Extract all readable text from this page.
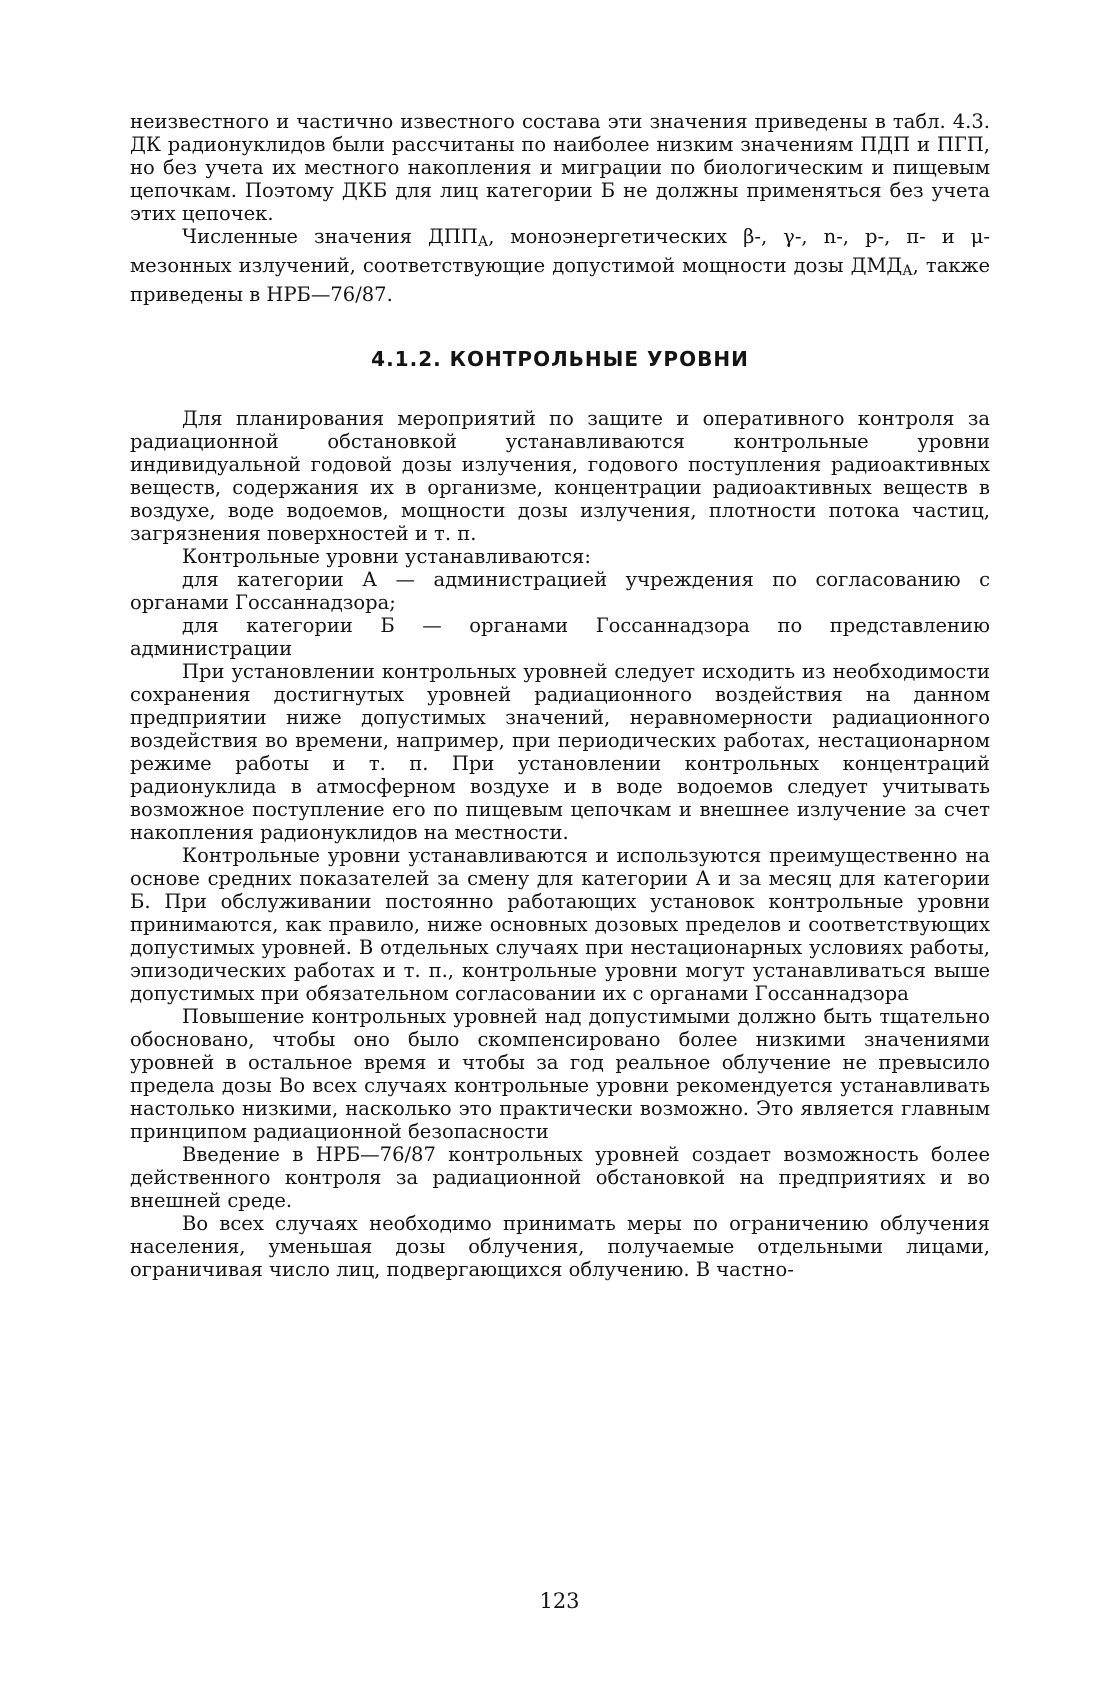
неизвестного и частично известного состава эти значения приведены в табл. 4.3. ДК радионуклидов были рассчитаны по наиболее низким значениям ПДП и ПГП, но без учета их местного накопления и миграции по биологическим и пищевым цепочкам. Поэтому ДКБ для лиц категории Б не должны применяться без учета этих цепочек.

Численные значения $ДПП_А$, моноэнергетических β-, γ-, n-, p-, π- и μ-мезонных излучений, соответствующие допустимой мощности дозы $ДМД_А$, также приведены в НРБ—76/87.

4.1.2. КОНТРОЛЬНЫЕ УРОВНИ

Для планирования мероприятий по защите и оперативного контроля за радиационной обстановкой устанавливаются контрольные уровни индивидуальной годовой дозы излучения, годового поступления радиоактивных веществ, содержания их в организме, концентрации радиоактивных веществ в воздухе, воде водоемов, мощности дозы излучения, плотности потока частиц, загрязнения поверхностей и т. п.

Контрольные уровни устанавливаются:

для категории А — администрацией учреждения по согласованию с органами Госсаннадзора;

для категории Б — органами Госсаннадзора по представлению администрации

При установлении контрольных уровней следует исходить из необходимости сохранения достигнутых уровней радиационного воздействия на данном предприятии ниже допустимых значений, неравномерности радиационного воздействия во времени, например, при периодических работах, нестационарном режиме работы и т. п. При установлении контрольных концентраций радионуклида в атмосферном воздухе и в воде водоемов следует учитывать возможное поступление его по пищевым цепочкам и внешнее излучение за счет накопления радионуклидов на местности.

Контрольные уровни устанавливаются и используются преимущественно на основе средних показателей за смену для категории А и за месяц для категории Б. При обслуживании постоянно работающих установок контрольные уровни принимаются, как правило, ниже основных дозовых пределов и соответствующих допустимых уровней. В отдельных случаях при нестационарных условиях работы, эпизодических работах и т. п., контрольные уровни могут устанавливаться выше допустимых при обязательном согласовании их с органами Госсаннадзора

Повышение контрольных уровней над допустимыми должно быть тщательно обосновано, чтобы оно было скомпенсировано более низкими значениями уровней в остальное время и чтобы за год реальное облучение не превысило предела дозы Во всех случаях контрольные уровни рекомендуется устанавливать настолько низкими, насколько это практически возможно. Это является главным принципом радиационной безопасности

Введение в НРБ—76/87 контрольных уровней создает возможность более действенного контроля за радиационной обстановкой на предприятиях и во внешней среде.

Во всех случаях необходимо принимать меры по ограничению облучения населения, уменьшая дозы облучения, получаемые отдельными лицами, ограничивая число лиц, подвергающихся облучению. В частно-

123
